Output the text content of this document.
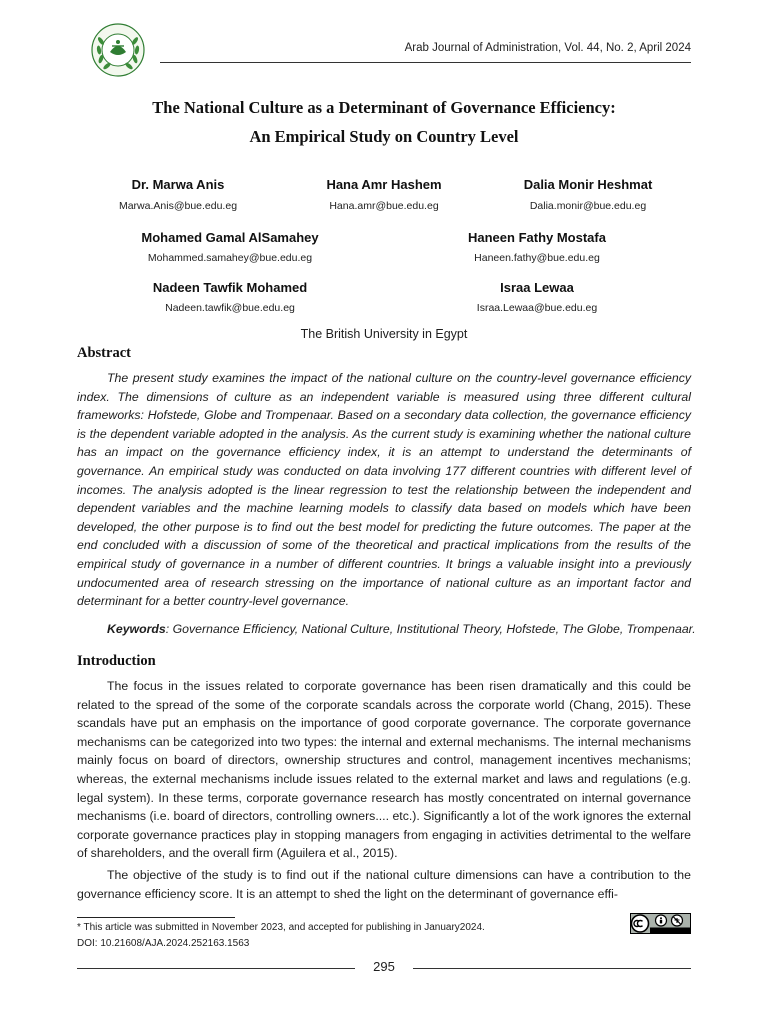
Arab Journal of Administration, Vol. 44, No. 2, April 2024
The National Culture as a Determinant of Governance Efficiency:
An Empirical Study on Country Level
Dr. Marwa Anis
Marwa.Anis@bue.edu.eg
Hana Amr Hashem
Hana.amr@bue.edu.eg
Dalia Monir Heshmat
Dalia.monir@bue.edu.eg
Mohamed Gamal AlSamahey
Mohammed.samahey@bue.edu.eg
Haneen Fathy Mostafa
Haneen.fathy@bue.edu.eg
Nadeen Tawfik Mohamed
Nadeen.tawfik@bue.edu.eg
Israa Lewaa
Israa.Lewaa@bue.edu.eg
The British University in Egypt
Abstract
The present study examines the impact of the national culture on the country-level governance efficiency index. The dimensions of culture as an independent variable is measured using three different cultural frameworks: Hofstede, Globe and Trompenaar. Based on a secondary data collection, the governance efficiency is the dependent variable adopted in the analysis. As the current study is examining whether the national culture has an impact on the governance efficiency index, it is an attempt to understand the determinants of governance. An empirical study was conducted on data involving 177 different countries with different level of incomes. The analysis adopted is the linear regression to test the relationship between the independent and dependent variables and the machine learning models to classify data based on models which have been developed, the other purpose is to find out the best model for predicting the future outcomes. The paper at the end concluded with a discussion of some of the theoretical and practical implications from the results of the empirical study of governance in a number of different countries. It brings a valuable insight into a previously undocumented area of research stressing on the importance of national culture as an important factor and determinant for a better country-level governance.
Keywords: Governance Efficiency, National Culture, Institutional Theory, Hofstede, The Globe, Trompenaar.
Introduction
The focus in the issues related to corporate governance has been risen dramatically and this could be related to the spread of the some of the corporate scandals across the corporate world (Chang, 2015). These scandals have put an emphasis on the importance of good corporate governance. The corporate governance mechanisms can be categorized into two types: the internal and external mechanisms. The internal mechanisms mainly focus on board of directors, ownership structures and control, management incentives mechanisms; whereas, the external mechanisms include issues related to the external market and laws and regulations (e.g. legal system). In these terms, corporate governance research has mostly concentrated on internal governance mechanisms (i.e. board of directors, controlling owners.... etc.). Significantly a lot of the work ignores the external corporate governance practices play in stopping managers from engaging in activities detrimental to the welfare of shareholders, and the overall firm (Aguilera et al., 2015).
The objective of the study is to find out if the national culture dimensions can have a contribution to the governance efficiency score. It is an attempt to shed the light on the determinant of governance effi-
* This article was submitted in November 2023, and accepted for publishing in January2024.
DOI: 10.21608/AJA.2024.252163.1563
295
